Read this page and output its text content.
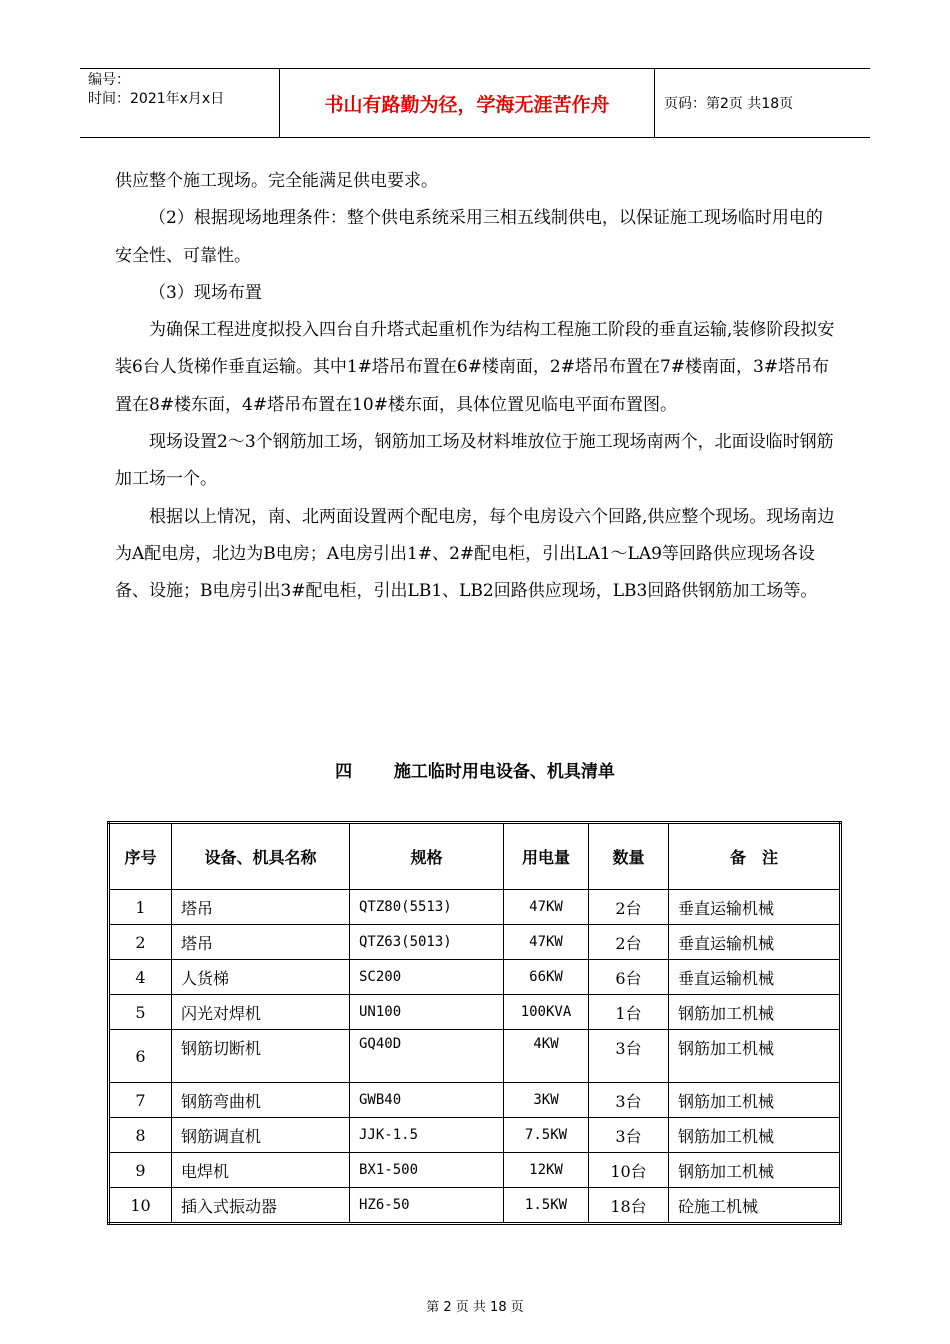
编号：
时间：2021年x月x日	书山有路勤为径，学海无涯苦作舟	页码：第2页 共18页

供应整个施工现场。完全能满足供电要求。

（2）根据现场地理条件：整个供电系统采用三相五线制供电，以保证施工现场临时用电的安全性、可靠性。

（3）现场布置

为确保工程进度拟投入四台自升塔式起重机作为结构工程施工阶段的垂直运输,装修阶段拟安装6台人货梯作垂直运输。其中1#塔吊布置在6#楼南面，2#塔吊布置在7#楼南面，3#塔吊布置在8#楼东面，4#塔吊布置在10#楼东面，具体位置见临电平面布置图。

现场设置2～3个钢筋加工场，钢筋加工场及材料堆放位于施工现场南两个，北面设临时钢筋加工场一个。

根据以上情况，南、北两面设置两个配电房，每个电房设六个回路,供应整个现场。现场南边为A配电房，北边为B电房；A电房引出1#、2#配电柜，引出LA1～LA9等回路供应现场各设备、设施；B电房引出3#配电柜，引出LB1、LB2回路供应现场，LB3回路供钢筋加工场等。

四 施工临时用电设备、机具清单
序号	设备、机具名称	规格	用电量	数量	备　注
1	塔吊	QTZ80(5513)	47KW	2台	垂直运输机械
2	塔吊	QTZ63(5013)	47KW	2台	垂直运输机械
4	人货梯	SC200	66KW	6台	垂直运输机械
5	闪光对焊机	UN100	100KVA	1台	钢筋加工机械
6	钢筋切断机	GQ40D	4KW	3台	钢筋加工机械
7	钢筋弯曲机	GWB40	3KW	3台	钢筋加工机械
8	钢筋调直机	JJK-1.5	7.5KW	3台	钢筋加工机械
9	电焊机	BX1-500	12KW	10台	钢筋加工机械
10	插入式振动器	HZ6-50	1.5KW	18台	砼施工机械
第 2 页 共 18 页
